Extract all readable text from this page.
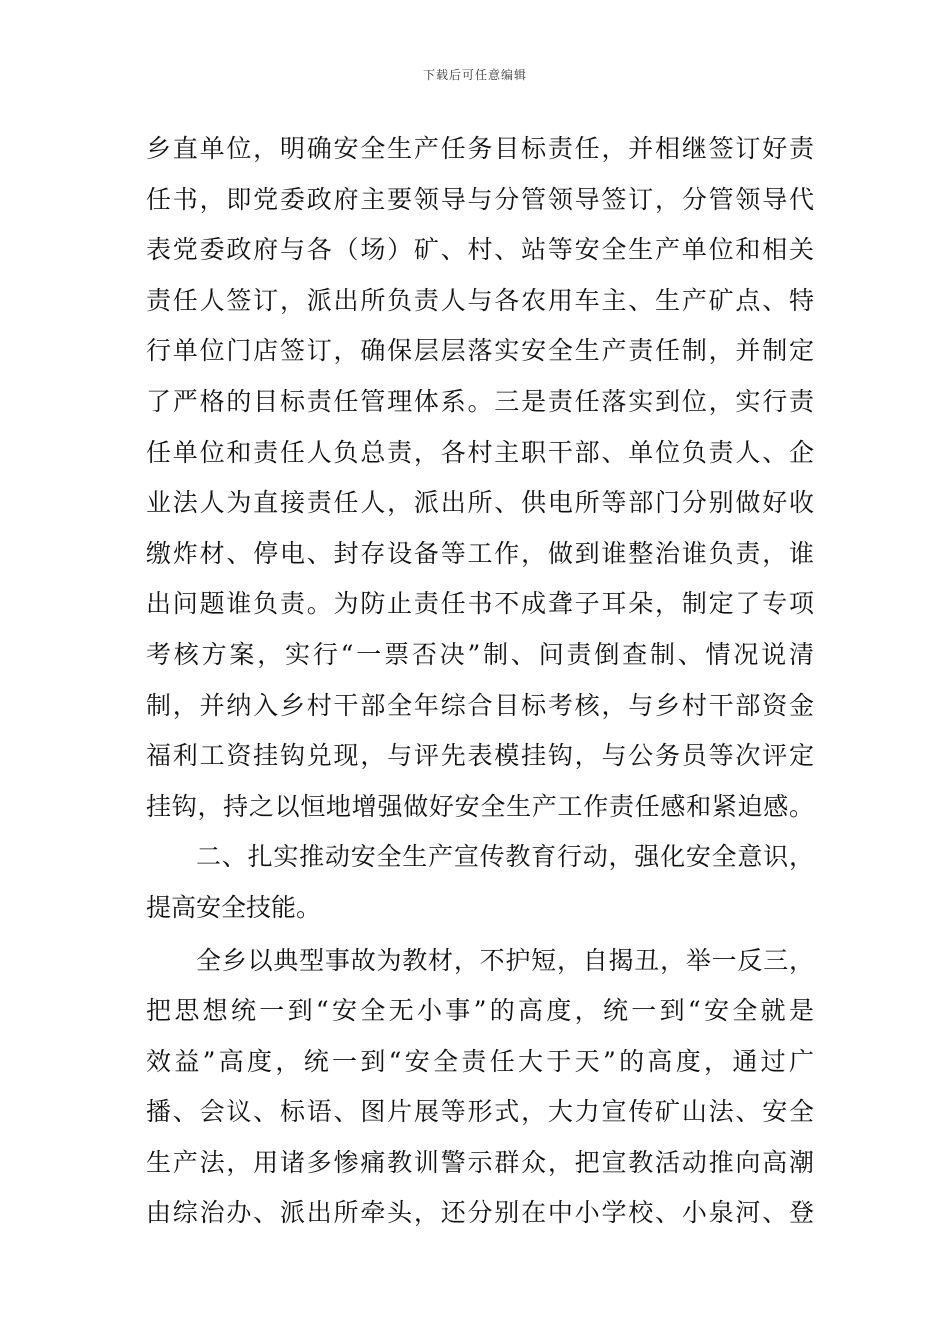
下载后可任意编辑
乡直单位，明确安全生产任务目标责任，并相继签订好责
任书，即党委政府主要领导与分管领导签订，分管领导代
表党委政府与各（场）矿、村、站等安全生产单位和相关
责任人签订，派出所负责人与各农用车主、生产矿点、特
行单位门店签订，确保层层落实安全生产责任制，并制定
了严格的目标责任管理体系。三是责任落实到位，实行责
任单位和责任人负总责，各村主职干部、单位负责人、企
业法人为直接责任人，派出所、供电所等部门分别做好收
缴炸材、停电、封存设备等工作，做到谁整治谁负责，谁
出问题谁负责。为防止责任书不成聋子耳朵，制定了专项
考核方案，实行“一票否决”制、问责倒查制、情况说清
制，并纳入乡村干部全年综合目标考核，与乡村干部资金
福利工资挂钩兑现，与评先表模挂钩，与公务员等次评定
挂钩，持之以恒地增强做好安全生产工作责任感和紧迫感。
二、扎实推动安全生产宣传教育行动，强化安全意识，
提高安全技能。
全乡以典型事故为教材，不护短，自揭丑，举一反三，
把思想统一到“安全无小事”的高度，统一到“安全就是
效益”高度，统一到“安全责任大于天”的高度，通过广
播、会议、标语、图片展等形式，大力宣传矿山法、安全
生产法，用诸多惨痛教训警示群众，把宣教活动推向高潮
由综治办、派出所牵头，还分别在中小学校、小泉河、登
